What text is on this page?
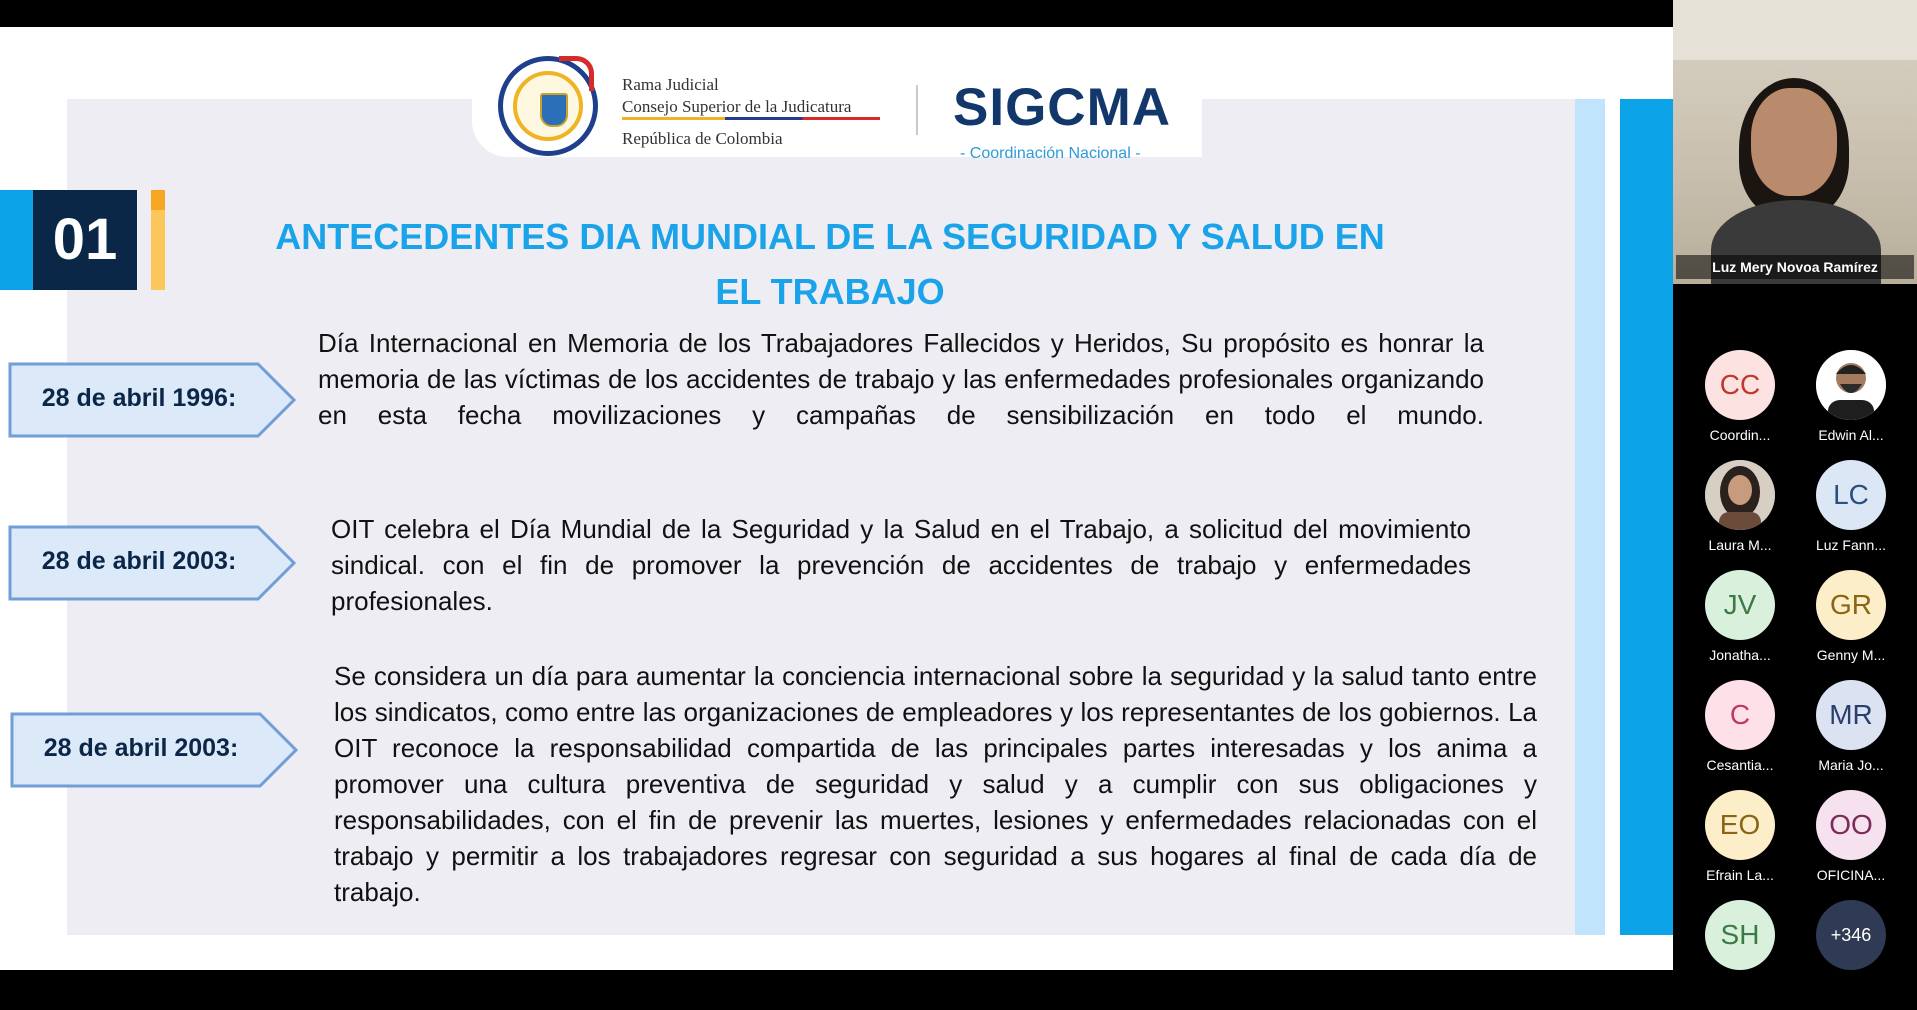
Rama Judicial
Consejo Superior de la Judicatura
República de Colombia
SIGCMA
- Coordinación Nacional -
01	ANTECEDENTES DIA MUNDIAL DE LA SEGURIDAD Y SALUD EN
EL TRABAJO
28 de abril 1996:
Día Internacional en Memoria de los Trabajadores Fallecidos y Heridos, Su propósito es honrar la memoria de las víctimas de los accidentes de trabajo y las enfermedades profesionales organizando en esta fecha movilizaciones y campañas de sensibilización en todo el mundo.
28 de abril 2003:
OIT celebra el Día Mundial de la Seguridad y la Salud en el Trabajo, a solicitud del movimiento sindical. con el fin de promover la prevención de accidentes de trabajo y enfermedades profesionales.
28 de abril 2003:
Se considera un día para aumentar la conciencia internacional sobre la seguridad y la salud tanto entre los sindicatos, como entre las organizaciones de empleadores y los representantes de los gobiernos. La OIT reconoce la responsabilidad compartida de las principales partes interesadas y los anima a promover una cultura preventiva de seguridad y salud y a cumplir con sus obligaciones y responsabilidades, con el fin de prevenir las muertes, lesiones y enfermedades relacionadas con el trabajo y permitir a los trabajadores regresar con seguridad a sus hogares al final de cada día de trabajo.
Luz Mery Novoa Ramírez
CC
Coordin...	Edwin Al...
Laura M...
LC
Luz Fann...
JV
Jonatha...
GR
Genny M...
C
Cesantia...
MR
Maria Jo...
EO
Efrain La...
OO
OFICINA...
SH	+346
